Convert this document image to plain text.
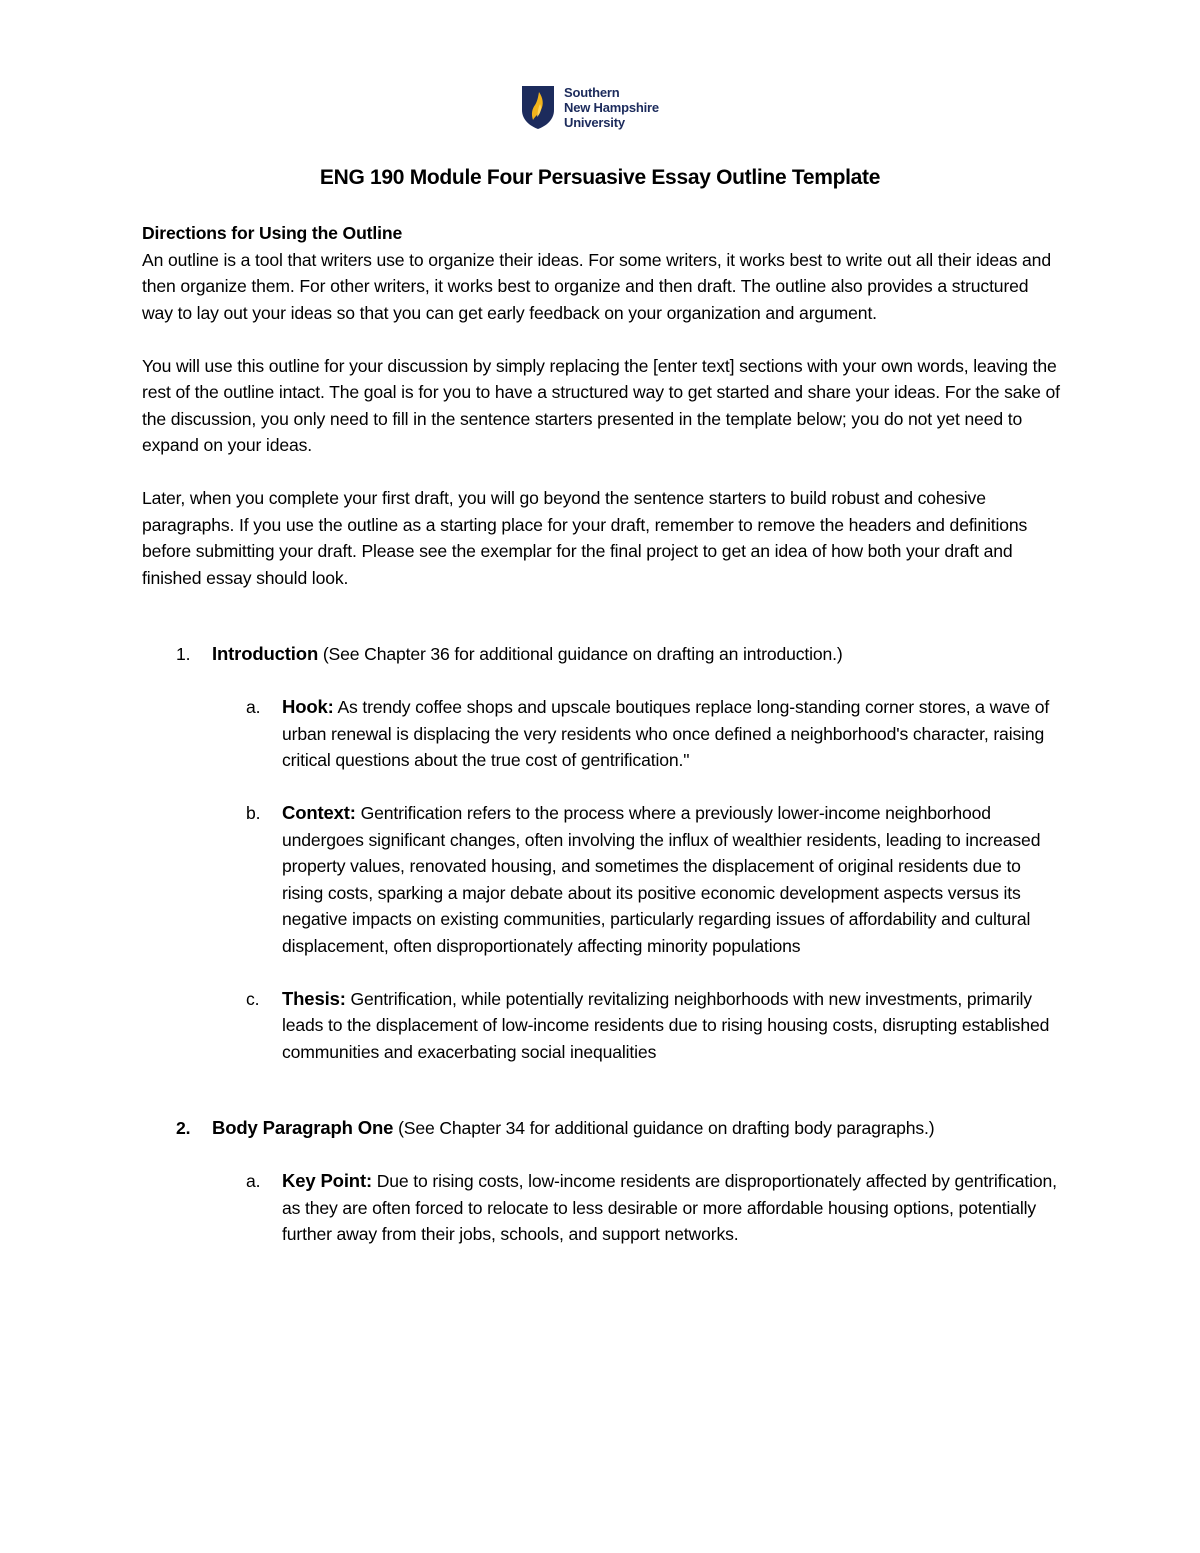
Southern
New Hampshire
University
ENG 190 Module Four Persuasive Essay Outline Template

Directions for Using the Outline

An outline is a tool that writers use to organize their ideas. For some writers, it works best to write out all their ideas and then organize them. For other writers, it works best to organize and then draft. The outline also provides a structured way to lay out your ideas so that you can get early feedback on your organization and argument.

You will use this outline for your discussion by simply replacing the [enter text] sections with your own words, leaving the rest of the outline intact. The goal is for you to have a structured way to get started and share your ideas. For the sake of the discussion, you only need to fill in the sentence starters presented in the template below; you do not yet need to expand on your ideas.

Later, when you complete your first draft, you will go beyond the sentence starters to build robust and cohesive paragraphs. If you use the outline as a starting place for your draft, remember to remove the headers and definitions before submitting your draft. Please see the exemplar for the final project to get an idea of how both your draft and finished essay should look.

1. Introduction (See Chapter 36 for additional guidance on drafting an introduction.)
a. Hook: As trendy coffee shops and upscale boutiques replace long-standing corner stores, a wave of urban renewal is displacing the very residents who once defined a neighborhood's character, raising critical questions about the true cost of gentrification."
b. Context: Gentrification refers to the process where a previously lower-income neighborhood undergoes significant changes, often involving the influx of wealthier residents, leading to increased property values, renovated housing, and sometimes the displacement of original residents due to rising costs, sparking a major debate about its positive economic development aspects versus its negative impacts on existing communities, particularly regarding issues of affordability and cultural displacement, often disproportionately affecting minority populations
c. Thesis: Gentrification, while potentially revitalizing neighborhoods with new investments, primarily leads to the displacement of low-income residents due to rising housing costs, disrupting established communities and exacerbating social inequalities
2. Body Paragraph One (See Chapter 34 for additional guidance on drafting body paragraphs.)
a. Key Point: Due to rising costs, low-income residents are disproportionately affected by gentrification, as they are often forced to relocate to less desirable or more affordable housing options, potentially further away from their jobs, schools, and support networks.
